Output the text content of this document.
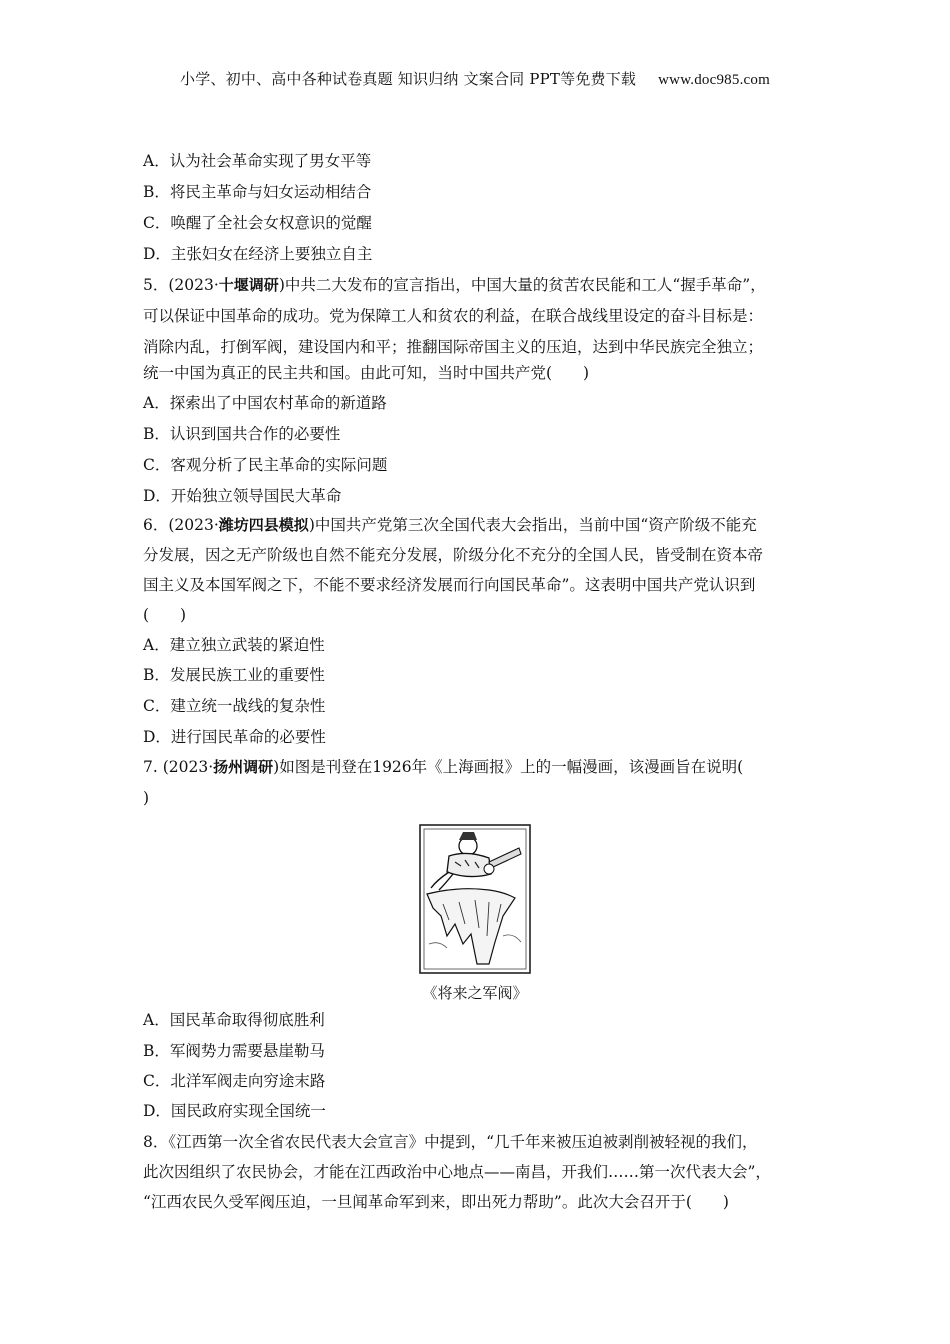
小学、初中、高中各种试卷真题 知识归纳 文案合同 PPT等免费下载 www.doc985.com
A．认为社会革命实现了男女平等
B．将民主革命与妇女运动相结合
C．唤醒了全社会女权意识的觉醒
D．主张妇女在经济上要独立自主
5．(2023·十堰调研)中共二大发布的宣言指出，中国大量的贫苦农民能和工人“握手革命”，
可以保证中国革命的成功。党为保障工人和贫农的利益，在联合战线里设定的奋斗目标是：
消除内乱，打倒军阀，建设国内和平；推翻国际帝国主义的压迫，达到中华民族完全独立；
统一中国为真正的民主共和国。由此可知，当时中国共产党(　　)
A．探索出了中国农村革命的新道路
B．认识到国共合作的必要性
C．客观分析了民主革命的实际问题
D．开始独立领导国民大革命
6．(2023·潍坊四县模拟)中国共产党第三次全国代表大会指出，当前中国“资产阶级不能充
分发展，因之无产阶级也自然不能充分发展，阶级分化不充分的全国人民，皆受制在资本帝
国主义及本国军阀之下，不能不要求经济发展而行向国民革命”。这表明中国共产党认识到
(　　)
A．建立独立武装的紧迫性
B．发展民族工业的重要性
C．建立统一战线的复杂性
D．进行国民革命的必要性
7. (2023·扬州调研)如图是刊登在1926年《上海画报》上的一幅漫画，该漫画旨在说明(
)
《将来之军阀》
A．国民革命取得彻底胜利
B．军阀势力需要悬崖勒马
C．北洋军阀走向穷途末路
D．国民政府实现全国统一
8．《江西第一次全省农民代表大会宣言》中提到，“几千年来被压迫被剥削被轻视的我们，
此次因组织了农民协会，才能在江西政治中心地点——南昌，开我们……第一次代表大会”，
“江西农民久受军阀压迫，一旦闻革命军到来，即出死力帮助”。此次大会召开于(　　)
